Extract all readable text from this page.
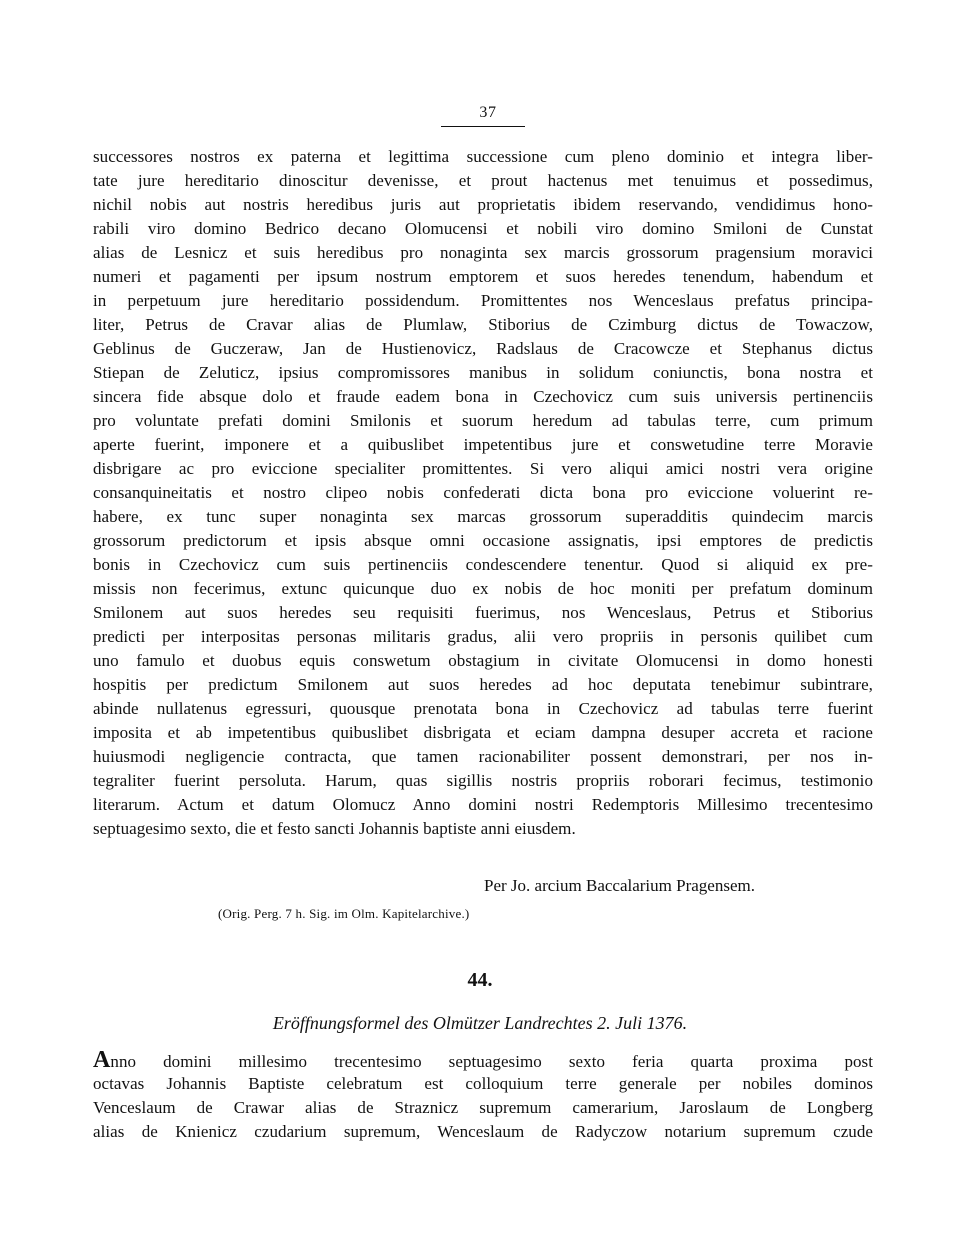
37
successores nostros ex paterna et legittima successione cum pleno dominio et integra liber-
tate jure hereditario dinoscitur devenisse, et prout hactenus met tenuimus et possedimus,
nichil nobis aut nostris heredibus juris aut proprietatis ibidem reservando, vendidimus hono-
rabili viro domino Bedrico decano Olomucensi et nobili viro domino Smiloni de Cunstat
alias de Lesnicz et suis heredibus pro nonaginta sex marcis grossorum pragensium moravici
numeri et pagamenti per ipsum nostrum emptorem et suos heredes tenendum, habendum et
in perpetuum jure hereditario possidendum. Promittentes nos Wenceslaus prefatus principa-
liter, Petrus de Cravar alias de Plumlaw, Stiborius de Czimburg dictus de Towaczow,
Geblinus de Guczeraw, Jan de Hustienovicz, Radslaus de Cracowcze et Stephanus dictus
Stiepan de Zeluticz, ipsius compromissores manibus in solidum coniunctis, bona nostra et
sincera fide absque dolo et fraude eadem bona in Czechovicz cum suis universis pertinenciis
pro voluntate prefati domini Smilonis et suorum heredum ad tabulas terre, cum primum
aperte fuerint, imponere et a quibuslibet impetentibus jure et conswetudine terre Moravie
disbrigare ac pro eviccione specialiter promittentes. Si vero aliqui amici nostri vera origine
consanquineitatis et nostro clipeo nobis confederati dicta bona pro eviccione voluerint re-
habere, ex tunc super nonaginta sex marcas grossorum superadditis quindecim marcis
grossorum predictorum et ipsis absque omni occasione assignatis, ipsi emptores de predictis
bonis in Czechovicz cum suis pertinenciis condescendere tenentur. Quod si aliquid ex pre-
missis non fecerimus, extunc quicunque duo ex nobis de hoc moniti per prefatum dominum
Smilonem aut suos heredes seu requisiti fuerimus, nos Wenceslaus, Petrus et Stiborius
predicti per interpositas personas militaris gradus, alii vero propriis in personis quilibet cum
uno famulo et duobus equis conswetum obstagium in civitate Olomucensi in domo honesti
hospitis per predictum Smilonem aut suos heredes ad hoc deputata tenebimur subintrare,
abinde nullatenus egressuri, quousque prenotata bona in Czechovicz ad tabulas terre fuerint
imposita et ab impetentibus quibuslibet disbrigata et eciam dampna desuper accreta et racione
huiusmodi negligencie contracta, que tamen racionabiliter possent demonstrari, per nos in-
tegraliter fuerint persoluta. Harum, quas sigillis nostris propriis roborari fecimus, testimonio
literarum. Actum et datum Olomucz Anno domini nostri Redemptoris Millesimo trecentesimo
septuagesimo sexto, die et festo sancti Johannis baptiste anni eiusdem.
Per Jo. arcium Baccalarium Pragensem.
(Orig. Perg. 7 h. Sig. im Olm. Kapitelarchive.)
44.
Eröffnungsformel des Olmützer Landrechtes 2. Juli 1376.
Anno domini millesimo trecentesimo septuagesimo sexto feria quarta proxima post
octavas Johannis Baptiste celebratum est colloquium terre generale per nobiles dominos
Venceslaum de Crawar alias de Straznicz supremum camerarium, Jaroslaum de Longberg
alias de Knienicz czudarium supremum, Wenceslaum de Radyczow notarium supremum czude
